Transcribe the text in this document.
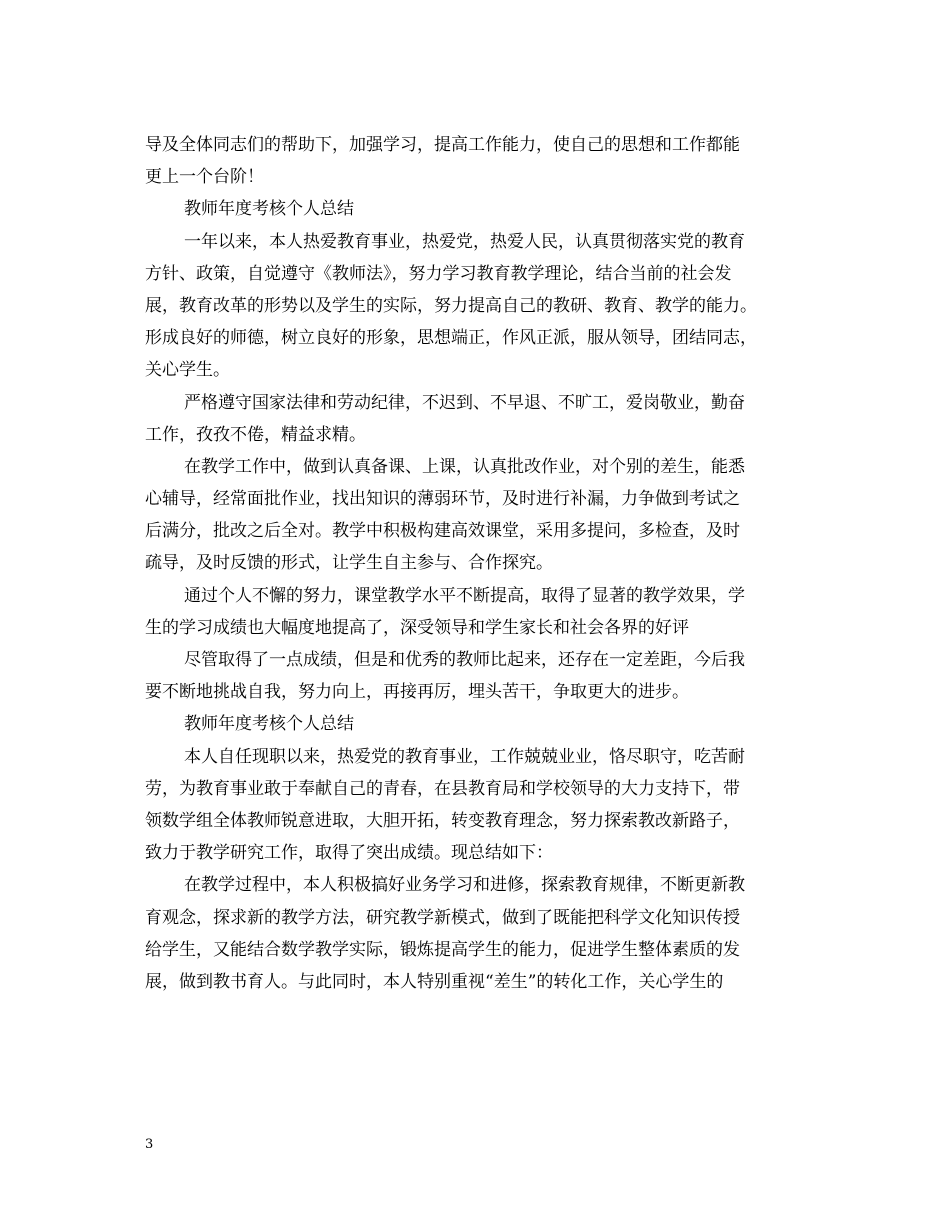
导及全体同志们的帮助下，加强学习，提高工作能力，使自己的思想和工作都能
更上一个台阶！
教师年度考核个人总结
一年以来，本人热爱教育事业，热爱党，热爱人民，认真贯彻落实党的教育
方针、政策，自觉遵守《教师法》，努力学习教育教学理论，结合当前的社会发
展，教育改革的形势以及学生的实际，努力提高自己的教研、教育、教学的能力。
形成良好的师德，树立良好的形象，思想端正，作风正派，服从领导，团结同志，
关心学生。
严格遵守国家法律和劳动纪律，不迟到、不早退、不旷工，爱岗敬业，勤奋
工作，孜孜不倦，精益求精。
在教学工作中，做到认真备课、上课，认真批改作业，对个别的差生，能悉
心辅导，经常面批作业，找出知识的薄弱环节，及时进行补漏，力争做到考试之
后满分，批改之后全对。教学中积极构建高效课堂，采用多提问，多检查，及时
疏导，及时反馈的形式，让学生自主参与、合作探究。
通过个人不懈的努力，课堂教学水平不断提高，取得了显著的教学效果，学
生的学习成绩也大幅度地提高了，深受领导和学生家长和社会各界的好评
尽管取得了一点成绩，但是和优秀的教师比起来，还存在一定差距，今后我
要不断地挑战自我，努力向上，再接再厉，埋头苦干，争取更大的进步。
教师年度考核个人总结
本人自任现职以来，热爱党的教育事业，工作兢兢业业，恪尽职守，吃苦耐
劳，为教育事业敢于奉献自己的青春，在县教育局和学校领导的大力支持下，带
领数学组全体教师锐意进取，大胆开拓，转变教育理念，努力探索教改新路子，
致力于教学研究工作，取得了突出成绩。现总结如下：
在教学过程中，本人积极搞好业务学习和进修，探索教育规律，不断更新教
育观念，探求新的教学方法，研究教学新模式，做到了既能把科学文化知识传授
给学生，又能结合数学教学实际，锻炼提高学生的能力，促进学生整体素质的发
展，做到教书育人。与此同时，本人特别重视“差生”的转化工作，关心学生的
3
